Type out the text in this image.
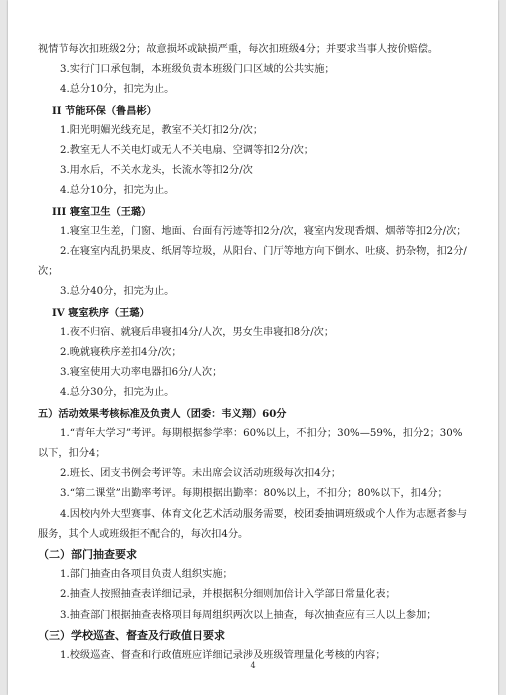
视情节每次扣班级2分；故意损坏或缺损严重，每次扣班级4分；并要求当事人按价赔偿。
3.实行门口承包制，本班级负责本班级门口区域的公共实施；
4.总分10分，扣完为止。
II 节能环保（鲁昌彬）
1.阳光明媚光线充足，教室不关灯扣2分/次；
2.教室无人不关电灯或无人不关电扇、空调等扣2分/次；
3.用水后，不关水龙头，长流水等扣2分/次
4.总分10分，扣完为止。
III 寝室卫生（王璐）
1.寝室卫生差，门窗、地面、台面有污迹等扣2分/次，寝室内发现香烟、烟蒂等扣2分/次；
2.在寝室内乱扔果皮、纸屑等垃圾，从阳台、门厅等地方向下倒水、吐痰、扔杂物，扣2分/次；
3.总分40分，扣完为止。
IV 寝室秩序（王璐）
1.夜不归宿、就寝后串寝扣4分/人次，男女生串寝扣8分/次；
2.晚就寝秩序差扣4分/次；
3.寝室使用大功率电器扣6分/人次；
4.总分30分，扣完为止。
五）活动效果考核标准及负责人（团委：韦义翔）60分
1.“青年大学习”考评。每期根据参学率：60%以上，不扣分；30%—59%，扣分2；30%以下，扣分4；
2.班长、团支书例会考评等。未出席会议活动班级每次扣4分；
3.“第二课堂”出勤率考评。每期根据出勤率：80%以上，不扣分；80%以下，扣4分；
4.因校内外大型赛事、体育文化艺术活动服务需要，校团委抽调班级或个人作为志愿者参与服务，其个人或班级拒不配合的，每次扣4分。
（二）部门抽查要求
1.部门抽查由各项目负责人组织实施；
2.抽查人按照抽查表详细记录，并根据积分细则加倍计入学部日常量化表；
3.抽查部门根据抽查表格项目每周组织两次以上抽查，每次抽查应有三人以上参加；
（三）学校巡查、督查及行政值日要求
1.校级巡查、督查和行政值班应详细记录涉及班级管理量化考核的内容；
4
